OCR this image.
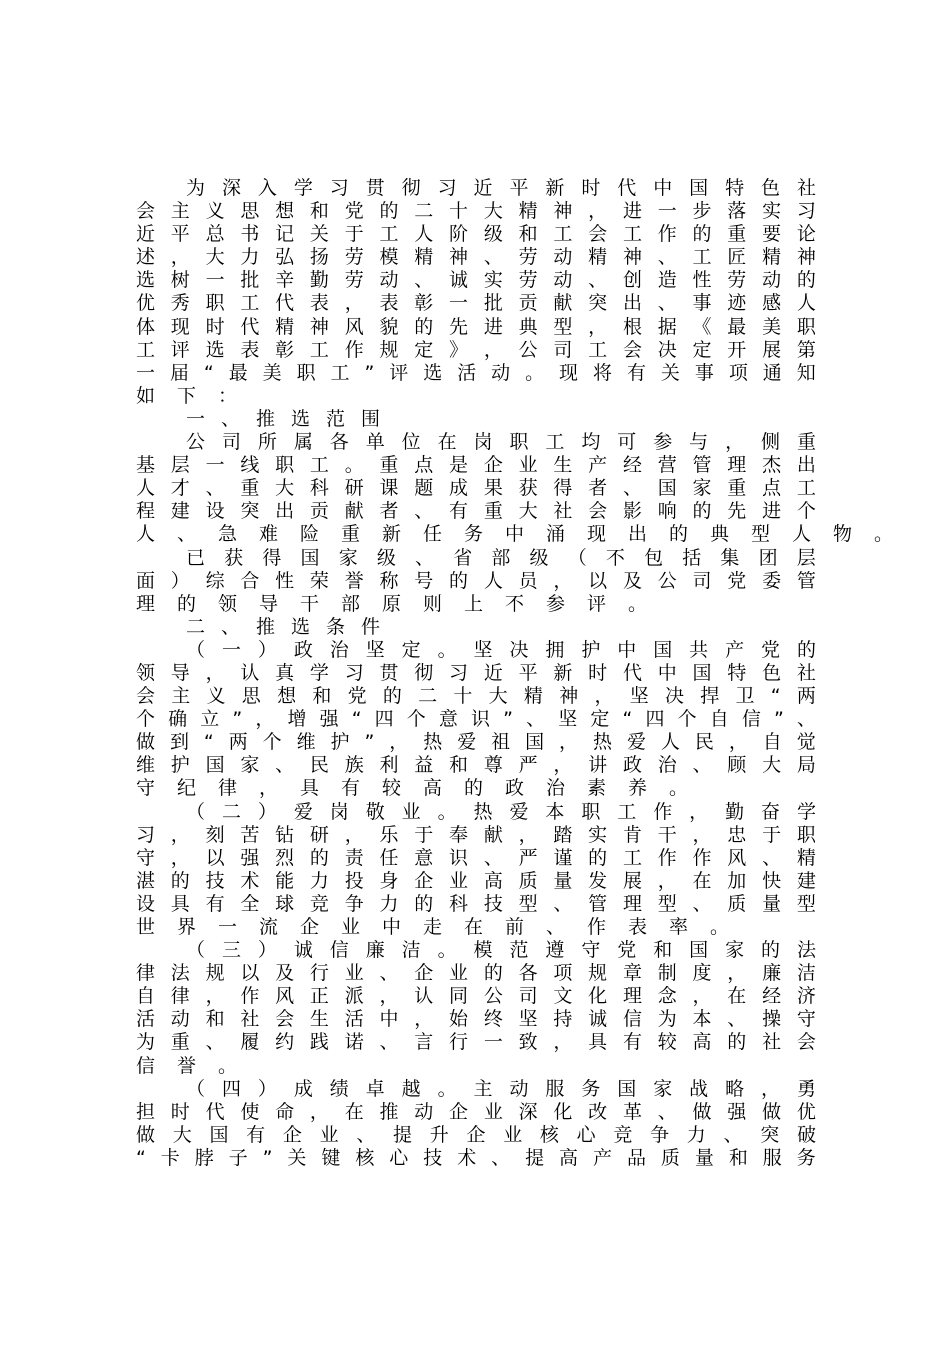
为 深 入 学 习 贯 彻 习 近 平 新 时 代 中 国 特 色 社
会 主 义 思 想 和 党 的 二 十 大 精 神 ， 进 一 步 落 实 习
近 平 总 书 记 关 于 工 人 阶 级 和 工 会 工 作 的 重 要 论
述 ， 大 力 弘 扬 劳 模 精 神 、 劳 动 精 神 、 工 匠 精 神
选 树 一 批 辛 勤 劳 动 、 诚 实 劳 动 、 创 造 性 劳 动 的
优 秀 职 工 代 表 ， 表 彰 一 批 贡 献 突 出 、 事 迹 感 人
体 现 时 代 精 神 风 貌 的 先 进 典 型 ， 根 据 《 最 美 职
工 评 选 表 彰 工 作 规 定 》 ， 公 司 工 会 决 定 开 展 第
一 届 “ 最 美 职 工 ” 评 选 活 动 。 现 将 有 关 事 项 通 知
如下：
一、推选范围
公 司 所 属 各 单 位 在 岗 职 工 均 可 参 与 ， 侧 重
基 层 一 线 职 工 。 重 点 是 企 业 生 产 经 营 管 理 杰 出
人 才 、 重 大 科 研 课 题 成 果 获 得 者 、 国 家 重 点 工
程 建 设 突 出 贡 献 者 、 有 重 大 社 会 影 响 的 先 进 个
人、急难险重新任务中涌现出的典型人物。
已 获 得 国 家 级 、 省 部 级 （ 不 包 括 集 团 层
面 ） 综 合 性 荣 誉 称 号 的 人 员 ， 以 及 公 司 党 委 管
理的领导干部原则上不参评。
二、推选条件
（ 一 ） 政 治 坚 定 。 坚 决 拥 护 中 国 共 产 党 的
领 导 ， 认 真 学 习 贯 彻 习 近 平 新 时 代 中 国 特 色 社
会 主 义 思 想 和 党 的 二 十 大 精 神 ， 坚 决 捍 卫 “ 两
个 确 立 ” ， 增 强 “ 四 个 意 识 ” 、 坚 定 “ 四 个 自 信 ” 、
做 到 “ 两 个 维 护 ” ， 热 爱 祖 国 ， 热 爱 人 民 ， 自 觉
维 护 国 家 、 民 族 利 益 和 尊 严 ， 讲 政 治 、 顾 大 局
守纪律，具有较高的政治素养。
（ 二 ） 爱 岗 敬 业 。 热 爱 本 职 工 作 ， 勤 奋 学
习 ， 刻 苦 钻 研 ， 乐 于 奉 献 ， 踏 实 肯 干 ， 忠 于 职
守 ， 以 强 烈 的 责 任 意 识 、 严 谨 的 工 作 作 风 、 精
湛 的 技 术 能 力 投 身 企 业 高 质 量 发 展 ， 在 加 快 建
设 具 有 全 球 竞 争 力 的 科 技 型 、 管 理 型 、 质 量 型
世界一流企业中走在前、作表率。
（ 三 ） 诚 信 廉 洁 。 模 范 遵 守 党 和 国 家 的 法
律 法 规 以 及 行 业 、 企 业 的 各 项 规 章 制 度 ， 廉 洁
自 律 ， 作 风 正 派 ， 认 同 公 司 文 化 理 念 ， 在 经 济
活 动 和 社 会 生 活 中 ， 始 终 坚 持 诚 信 为 本 、 操 守
为 重 、 履 约 践 诺 、 言 行 一 致 ， 具 有 较 高 的 社 会
信誉。
（ 四 ） 成 绩 卓 越 。 主 动 服 务 国 家 战 略 ， 勇
担 时 代 使 命 ， 在 推 动 企 业 深 化 改 革 、 做 强 做 优
做 大 国 有 企 业 、 提 升 企 业 核 心 竞 争 力 、 突 破
“ 卡 脖 子 ” 关 键 核 心 技 术 、 提 高 产 品 质 量 和 服 务
